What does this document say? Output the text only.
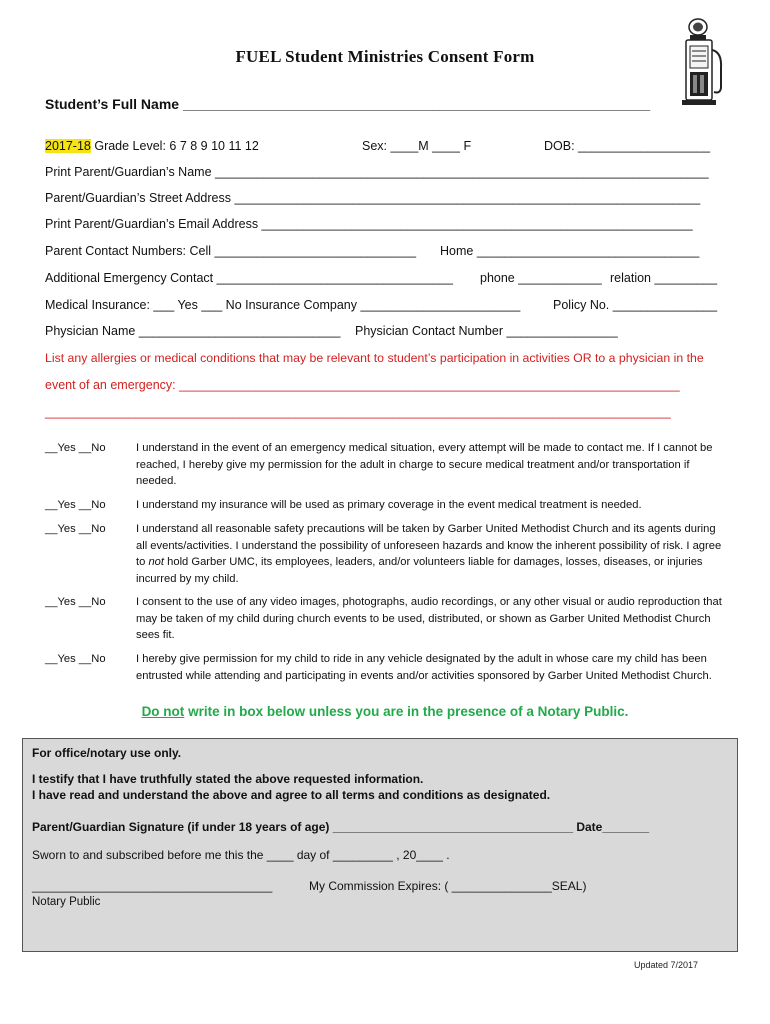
FUEL Student Ministries Consent Form
Student’s Full Name ____________________________________________________________
2017-18 Grade Level: 6 7 8 9 10 11 12	Sex: ____M ____ F	DOB: ___________________
Print Parent/Guardian’s Name _______________________________________________________________________
Parent/Guardian’s Street Address ___________________________________________________________________
Print Parent/Guardian’s Email Address ______________________________________________________________
Parent Contact Numbers: Cell _____________________________ Home ________________________________
Additional Emergency Contact __________________________________ phone ____________ relation _________
Medical Insurance: ___ Yes ___ No Insurance Company _______________________	Policy No. _______________
Physician Name _____________________________ Physician Contact Number ________________
List any allergies or medical conditions that may be relevant to student’s participation in activities OR to a physician in the
event of an emergency: ________________________________________________________________________
__________________________________________________________________________________________
__Yes __No	I understand in the event of an emergency medical situation, every attempt will be made to contact me. If I cannot be reached, I hereby give my permission for the adult in charge to secure medical treatment and/or transportation if needed.
__Yes __No	I understand my insurance will be used as primary coverage in the event medical treatment is needed.
__Yes __No	I understand all reasonable safety precautions will be taken by Garber United Methodist Church and its agents during all events/activities. I understand the possibility of unforeseen hazards and know the inherent possibility of risk. I agree to not hold Garber UMC, its employees, leaders, and/or volunteers liable for damages, losses, diseases, or injuries incurred by my child.
__Yes __No	I consent to the use of any video images, photographs, audio recordings, or any other visual or audio reproduction that may be taken of my child during church events to be used, distributed, or shown as Garber United Methodist Church sees fit.
__Yes __No	I hereby give permission for my child to ride in any vehicle designated by the adult in whose care my child has been entrusted while attending and participating in events and/or activities sponsored by Garber United Methodist Church.
Do not write in box below unless you are in the presence of a Notary Public.
For office/notary use only.
I testify that I have truthfully stated the above requested information.
I have read and understand the above and agree to all terms and conditions as designated.
Parent/Guardian Signature (if under 18 years of age) ____________________________________ Date_______
Sworn to and subscribed before me this the ____ day of _________ , 20____ .
____________________________________	My Commission Expires: ( _______________SEAL)
Notary Public
Updated 7/2017
